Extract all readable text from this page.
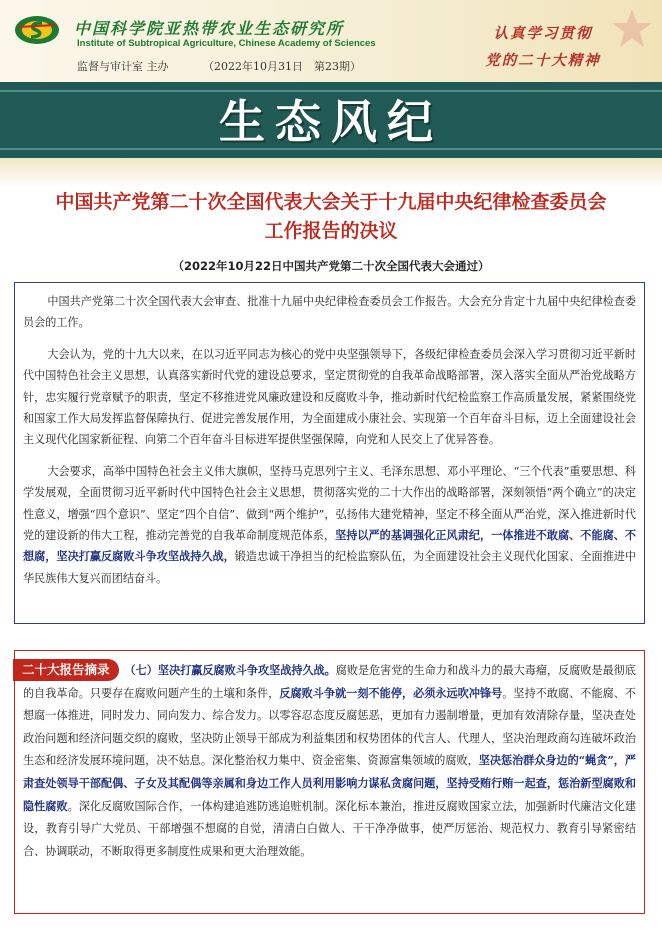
中国科学院亚热带农业生态研究所
Institute of Subtropical Agriculture, Chinese Academy of Sciences
监督与审计室 主办	（2022年10月31日　第23期）
认真学习贯彻
党的二十大精神
生态风纪
中国共产党第二十次全国代表大会关于十九届中央纪律检查委员会
工作报告的决议
（2022年10月22日中国共产党第二十次全国代表大会通过）

中国共产党第二十次全国代表大会审查、批准十九届中央纪律检查委员会工作报告。大会充分肯定十九届中央纪律检查委员会的工作。

大会认为，党的十九大以来，在以习近平同志为核心的党中央坚强领导下，各级纪律检查委员会深入学习贯彻习近平新时代中国特色社会主义思想，认真落实新时代党的建设总要求，坚定贯彻党的自我革命战略部署，深入落实全面从严治党战略方针，忠实履行党章赋予的职责，坚定不移推进党风廉政建设和反腐败斗争，推动新时代纪检监察工作高质量发展，紧紧围绕党和国家工作大局发挥监督保障执行、促进完善发展作用，为全面建成小康社会、实现第一个百年奋斗目标，迈上全面建设社会主义现代化国家新征程、向第二个百年奋斗目标进军提供坚强保障，向党和人民交上了优异答卷。

大会要求，高举中国特色社会主义伟大旗帜，坚持马克思列宁主义、毛泽东思想、邓小平理论、“三个代表”重要思想、科学发展观，全面贯彻习近平新时代中国特色社会主义思想，贯彻落实党的二十大作出的战略部署，深刻领悟“两个确立”的决定性意义，增强“四个意识”、坚定“四个自信”、做到“两个维护”，弘扬伟大建党精神，坚定不移全面从严治党，深入推进新时代党的建设新的伟大工程，推动完善党的自我革命制度规范体系，坚持以严的基调强化正风肃纪，一体推进不敢腐、不能腐、不想腐，坚决打赢反腐败斗争攻坚战持久战，锻造忠诚干净担当的纪检监察队伍，为全面建设社会主义现代化国家、全面推进中华民族伟大复兴而团结奋斗。

二十大报告摘录 （七）坚决打赢反腐败斗争攻坚战持久战。腐败是危害党的生命力和战斗力的最大毒瘤，反腐败是最彻底的自我革命。只要存在腐败问题产生的土壤和条件，反腐败斗争就一刻不能停，必须永远吹冲锋号。坚持不敢腐、不能腐、不想腐一体推进，同时发力、同向发力、综合发力。以零容忍态度反腐惩恶，更加有力遏制增量，更加有效清除存量，坚决查处政治问题和经济问题交织的腐败，坚决防止领导干部成为利益集团和权势团体的代言人、代理人，坚决治理政商勾连破坏政治生态和经济发展环境问题，决不姑息。深化整治权力集中、资金密集、资源富集领域的腐败，坚决惩治群众身边的“蝇贪”，严肃查处领导干部配偶、子女及其配偶等亲属和身边工作人员利用影响力谋私贪腐问题，坚持受贿行贿一起查，惩治新型腐败和隐性腐败。深化反腐败国际合作，一体构建追逃防逃追赃机制。深化标本兼治，推进反腐败国家立法，加强新时代廉洁文化建设，教育引导广大党员、干部增强不想腐的自觉，清清白白做人、干干净净做事，使严厉惩治、规范权力、教育引导紧密结合、协调联动，不断取得更多制度性成果和更大治理效能。
